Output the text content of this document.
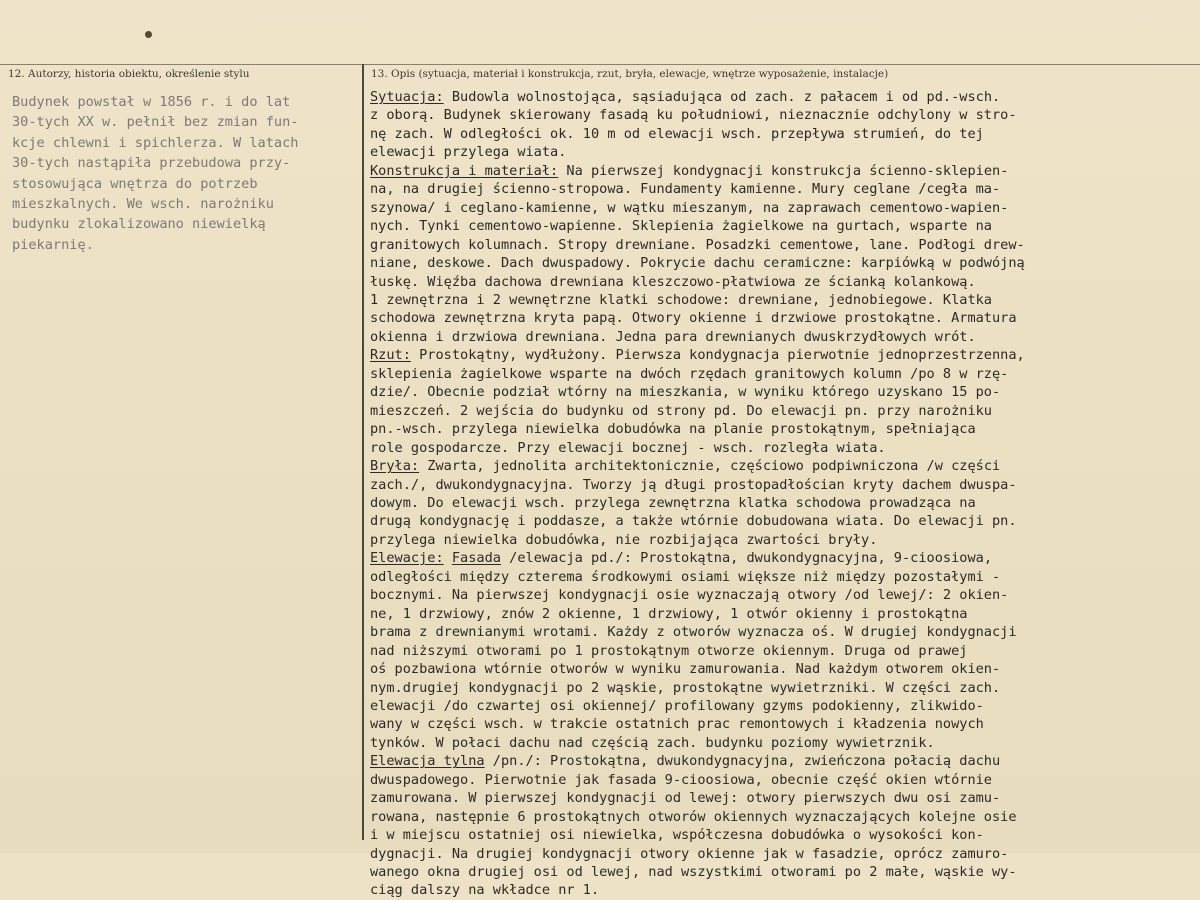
12. Autorzy, historia obiektu, określenie stylu	13. Opis (sytuacja, materiał i konstrukcja, rzut, bryła, elewacje, wnętrze wyposażenie, instalacje)
Budynek powstał w 1856 r. i do lat
30-tych XX w. pełnił bez zmian fun-
kcje chlewni i spichlerza. W latach
30-tych nastąpiła przebudowa przy-
stosowująca wnętrza do potrzeb
mieszkalnych. We wsch. narożniku
budynku zlokalizowano niewielką
piekarnię.
Sytuacja: Budowla wolnostojąca, sąsiadująca od zach. z pałacem i od pd.-wsch.
z oborą. Budynek skierowany fasadą ku południowi, nieznacznie odchylony w stro-
nę zach. W odległości ok. 10 m od elewacji wsch. przepływa strumień, do tej
elewacji przylega wiata.
Konstrukcja i materiał: Na pierwszej kondygnacji konstrukcja ścienno-sklepien-
na, na drugiej ścienno-stropowa. Fundamenty kamienne. Mury ceglane /cegła ma-
szynowa/ i ceglano-kamienne, w wątku mieszanym, na zaprawach cementowo-wapien-
nych. Tynki cementowo-wapienne. Sklepienia żagielkowe na gurtach, wsparte na
granitowych kolumnach. Stropy drewniane. Posadzki cementowe, lane. Podłogi drew-
niane, deskowe. Dach dwuspadowy. Pokrycie dachu ceramiczne: karpiówką w podwójną
łuskę. Więźba dachowa drewniana kleszczowo-płatwiowa ze ścianką kolankową.
1 zewnętrzna i 2 wewnętrzne klatki schodowe: drewniane, jednobiegowe. Klatka
schodowa zewnętrzna kryta papą. Otwory okienne i drzwiowe prostokątne. Armatura
okienna i drzwiowa drewniana. Jedna para drewnianych dwuskrzydłowych wrót.
Rzut: Prostokątny, wydłużony. Pierwsza kondygnacja pierwotnie jednoprzestrzenna,
sklepienia żagielkowe wsparte na dwóch rzędach granitowych kolumn /po 8 w rzę-
dzie/. Obecnie podział wtórny na mieszkania, w wyniku którego uzyskano 15 po-
mieszczeń. 2 wejścia do budynku od strony pd. Do elewacji pn. przy narożniku
pn.-wsch. przylega niewielka dobudówka na planie prostokątnym, spełniająca
role gospodarcze. Przy elewacji bocznej - wsch. rozległa wiata.
Bryła: Zwarta, jednolita architektonicznie, częściowo podpiwniczona /w części
zach./, dwukondygnacyjna. Tworzy ją długi prostopadłościan kryty dachem dwuspa-
dowym. Do elewacji wsch. przylega zewnętrzna klatka schodowa prowadząca na
drugą kondygnację i poddasze, a także wtórnie dobudowana wiata. Do elewacji pn.
przylega niewielka dobudówka, nie rozbijająca zwartości bryły.
Elewacje: Fasada /elewacja pd./: Prostokątna, dwukondygnacyjna, 9-cioosiowa,
odległości między czterema środkowymi osiami większe niż między pozostałymi -
bocznymi. Na pierwszej kondygnacji osie wyznaczają otwory /od lewej/: 2 okien-
ne, 1 drzwiowy, znów 2 okienne, 1 drzwiowy, 1 otwór okienny i prostokątna
brama z drewnianymi wrotami. Każdy z otworów wyznacza oś. W drugiej kondygnacji
nad niższymi otworami po 1 prostokątnym otworze okiennym. Druga od prawej
oś pozbawiona wtórnie otworów w wyniku zamurowania. Nad każdym otworem okien-
nym.drugiej kondygnacji po 2 wąskie, prostokątne wywietrzniki. W części zach.
elewacji /do czwartej osi okiennej/ profilowany gzyms podokienny, zlikwido-
wany w części wsch. w trakcie ostatnich prac remontowych i kładzenia nowych
tynków. W połaci dachu nad częścią zach. budynku poziomy wywietrznik.
Elewacja tylna /pn./: Prostokątna, dwukondygnacyjna, zwieńczona połacią dachu
dwuspadowego. Pierwotnie jak fasada 9-cioosiowa, obecnie część okien wtórnie
zamurowana. W pierwszej kondygnacji od lewej: otwory pierwszych dwu osi zamu-
rowana, następnie 6 prostokątnych otworów okiennych wyznaczających kolejne osie
i w miejscu ostatniej osi niewielka, współczesna dobudówka o wysokości kon-
dygnacji. Na drugiej kondygnacji otwory okienne jak w fasadzie, oprócz zamuro-
wanego okna drugiej osi od lewej, nad wszystkimi otworami po 2 małe, wąskie wy-
ciąg dalszy na wkładce nr 1.
